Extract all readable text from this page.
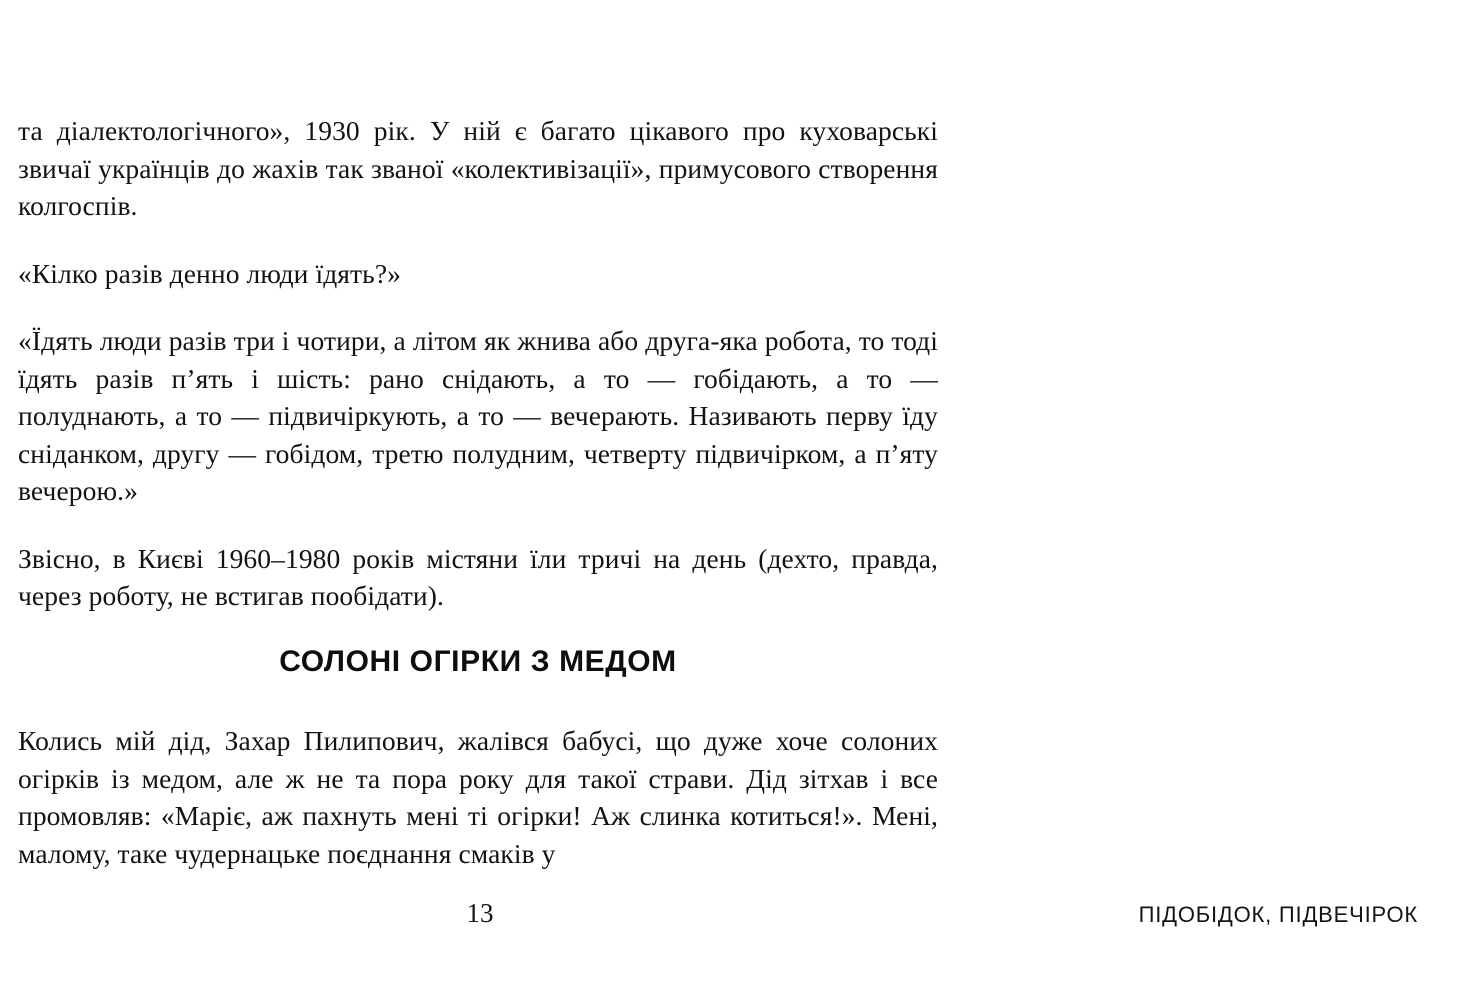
та діалектологічного», 1930 рік. У ній є багато цікавого про куховарські звичаї українців до жахів так званої «колективізації», примусового створення колгоспів.

«Кілко разів денно люди їдять?»

«Їдять люди разів три і чотири, а літом як жнива або друга-яка робота, то тоді їдять разів п’ять і шість: рано снідають, а то — гобідають, а то — полуднають, а то — підвичіркують, а то — вечерають. Називають перву їду сніданком, другу — гобідом, третю полудним, четверту підвичірком, а п’яту вечерою.»

Звісно, в Києві 1960–1980 років містяни їли тричі на день (дехто, правда, через роботу, не встигав пообідати).

СОЛОНІ ОГІРКИ З МЕДОМ

Колись мій дід, Захар Пилипович, жалівся бабусі, що дуже хоче солоних огірків із медом, але ж не та пора року для такої страви. Дід зітхав і все промовляв: «Маріє, аж пахнуть мені ті огірки! Аж слинка котиться!». Мені, малому, таке чудернацьке поєднання смаків у

13	ПІДОБІДОК, ПІДВЕЧІРОК
